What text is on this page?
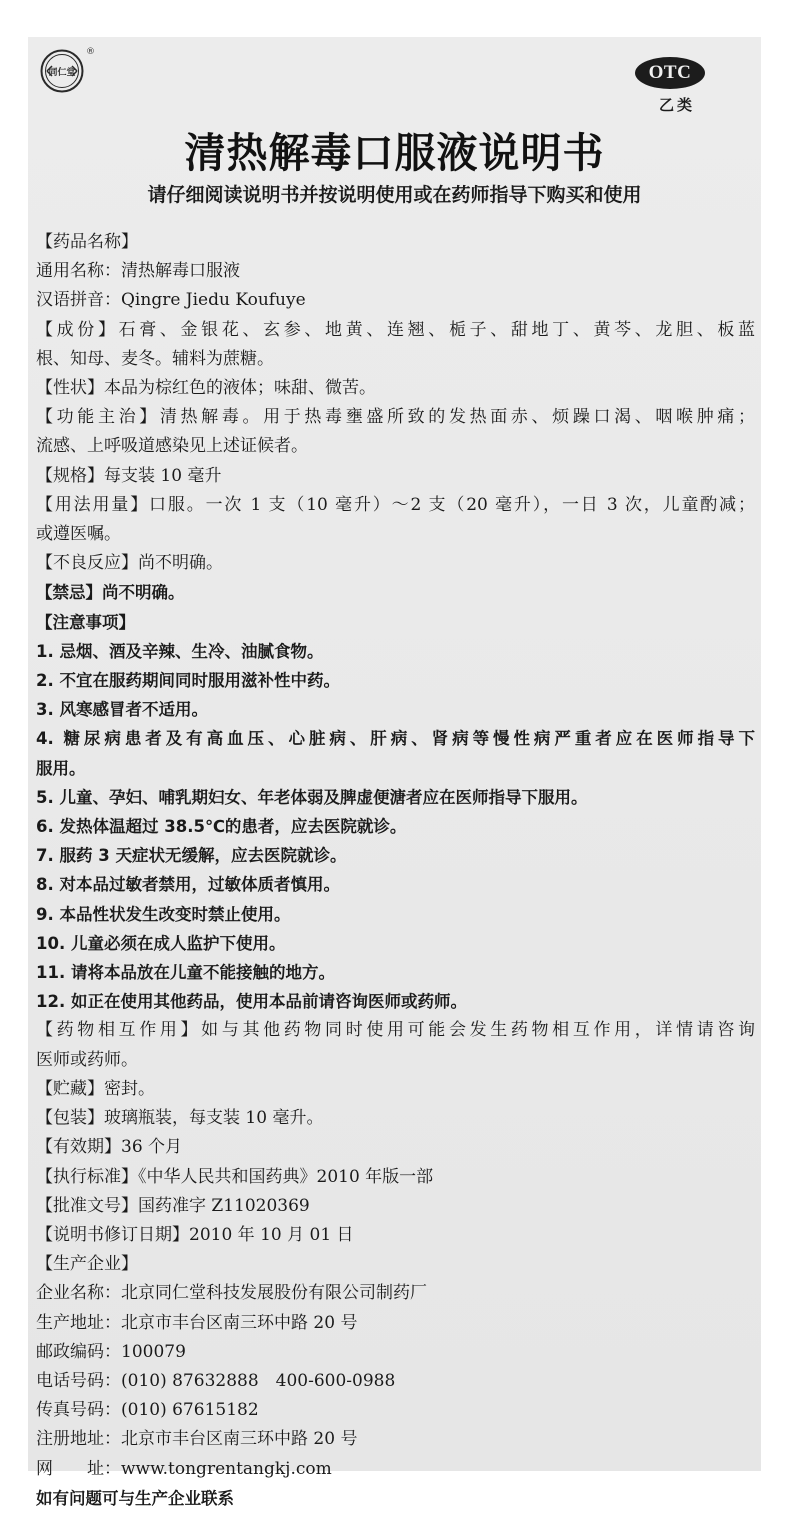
同仁堂
®
OTC
乙类
清热解毒口服液说明书
请仔细阅读说明书并按说明使用或在药师指导下购买和使用
【药品名称】
通用名称：清热解毒口服液
汉语拼音：Qingre Jiedu Koufuye
【成份】石膏、金银花、玄参、地黄、连翘、栀子、甜地丁、黄芩、龙胆、板蓝
根、知母、麦冬。辅料为蔗糖。
【性状】本品为棕红色的液体；味甜、微苦。
【功能主治】清热解毒。用于热毒壅盛所致的发热面赤、烦躁口渴、咽喉肿痛；
流感、上呼吸道感染见上述证候者。
【规格】每支装 10 毫升
【用法用量】口服。一次 1 支（10 毫升）～2 支（20 毫升），一日 3 次，儿童酌减；
或遵医嘱。
【不良反应】尚不明确。
【禁忌】尚不明确。
【注意事项】
1. 忌烟、酒及辛辣、生冷、油腻食物。
2. 不宜在服药期间同时服用滋补性中药。
3. 风寒感冒者不适用。
4. 糖尿病患者及有高血压、心脏病、肝病、肾病等慢性病严重者应在医师指导下
服用。
5. 儿童、孕妇、哺乳期妇女、年老体弱及脾虚便溏者应在医师指导下服用。
6. 发热体温超过 38.5℃的患者，应去医院就诊。
7. 服药 3 天症状无缓解，应去医院就诊。
8. 对本品过敏者禁用，过敏体质者慎用。
9. 本品性状发生改变时禁止使用。
10. 儿童必须在成人监护下使用。
11. 请将本品放在儿童不能接触的地方。
12. 如正在使用其他药品，使用本品前请咨询医师或药师。
【药物相互作用】如与其他药物同时使用可能会发生药物相互作用，详情请咨询
医师或药师。
【贮藏】密封。
【包装】玻璃瓶装，每支装 10 毫升。
【有效期】36 个月
【执行标准】《中华人民共和国药典》2010 年版一部
【批准文号】国药准字 Z11020369
【说明书修订日期】2010 年 10 月 01 日
【生产企业】
企业名称：北京同仁堂科技发展股份有限公司制药厂
生产地址：北京市丰台区南三环中路 20 号
邮政编码：100079
电话号码：(010) 87632888　400-600-0988
传真号码：(010) 67615182
注册地址：北京市丰台区南三环中路 20 号
网　　址：www.tongrentangkj.com
如有问题可与生产企业联系
